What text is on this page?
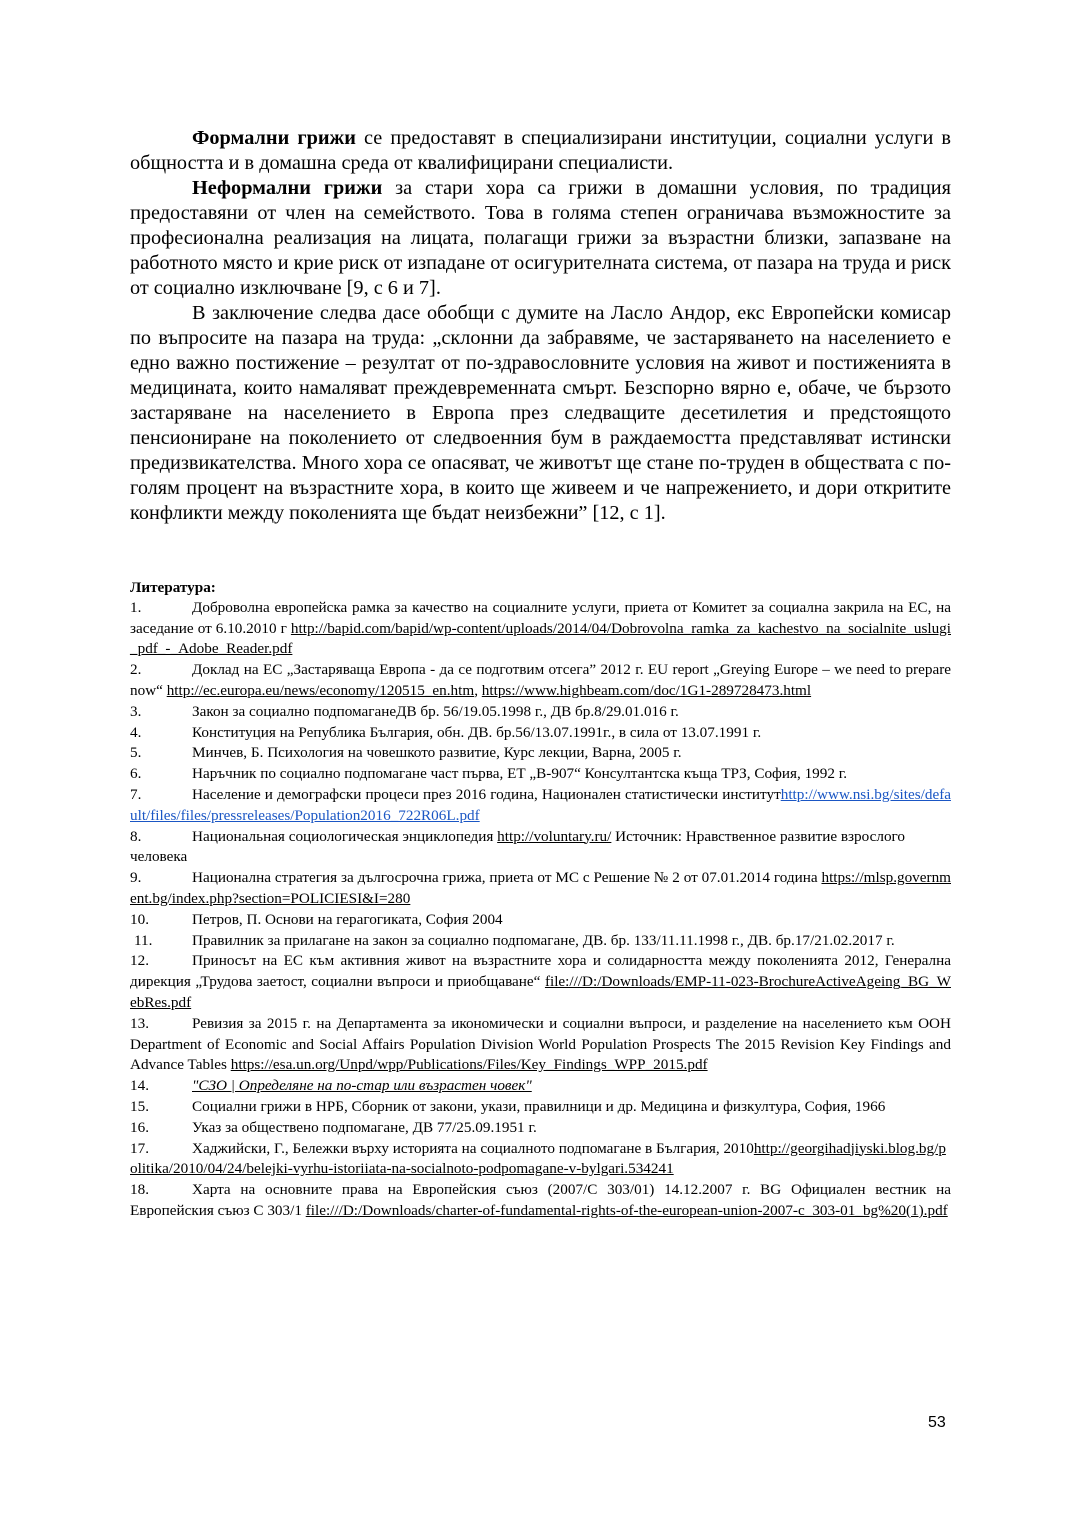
Формални грижи се предоставят в специализирани институции, социални услуги в общността и в домашна среда от квалифицирани специалисти.

Неформални грижи за стари хора са грижи в домашни условия, по традиция предоставяни от член на семейството. Това в голяма степен ограничава възможностите за професионална реализация на лицата, полагащи грижи за възрастни близки, запазване на работното място и крие риск от изпадане от осигурителната система, от пазара на труда и риск от социално изключване [9, с 6 и 7].

В заключение следва дасе обобщи с думите на Ласло Андор, екс Европейски комисар по въпросите на пазара на труда: „склонни да забравяме, че застаряването на населението е едно важно постижение – резултат от по-здравословните условия на живот и постиженията в медицината, които намаляват преждевременната смърт. Безспорно вярно е, обаче, че бързото застаряване на населението в Европа през следващите десетилетия и предстоящото пенсиониране на поколението от следвоенния бум в раждаемостта представляват истински предизвикателства. Много хора се опасяват, че животът ще стане по-труден в обществата с по-голям процент на възрастните хора, в които ще живеем и че напрежението, и дори откритите конфликти между поколенията ще бъдат неизбежни” [12, с 1].

Литература:
1.	Доброволна европейска рамка за качество на социалните услуги, приета от Комитет за социална закрила на ЕС, на заседание от 6.10.2010 г http://bapid.com/bapid/wp-content/uploads/2014/04/Dobrovolna_ramka_za_kachestvo_na_socialnite_uslugi_pdf_-_Adobe_Reader.pdf
2.	Доклад на ЕС „Застаряваща Европа - да се подготвим отсега” 2012 г. EU report „Greying Europe – we need to prepare now“ http://ec.europa.eu/news/economy/120515_en.htm, https://www.highbeam.com/doc/1G1-289728473.html
3.	Закон за социално подпомаганеДВ бр. 56/19.05.1998 г., ДВ бр.8/29.01.016 г.
4.	Конституция на Република България, обн. ДВ. бр.56/13.07.1991г., в сила от 13.07.1991 г.
5.	Минчев, Б. Психология на човешкото развитие, Курс лекции, Варна, 2005 г.
6.	Наръчник по социално подпомагане част първа, ЕТ „В-907“ Консултантска къща ТРЗ, София, 1992 г.
7.	Население и демографски процеси през 2016 година, Национален статистически институтhttp://www.nsi.bg/sites/default/files/files/pressreleases/Population2016_722R06L.pdf
8.	Национальная социологическая энциклопедия http://voluntary.ru/ Источник: Нравственное развитие взрослого человека
9.	Национална стратегия за дългосрочна грижа, приета от МС с Решение № 2 от 07.01.2014 година https://mlsp.government.bg/index.php?section=POLICIESI&I=280
10.	Петров, П. Основи на герагогиката, София 2004
11.	Правилник за прилагане на закон за социално подпомагане, ДВ. бр. 133/11.11.1998 г., ДВ. бр.17/21.02.2017 г.
12.	Приносът на ЕС към активния живот на възрастните хора и солидарността между поколенията 2012, Генерална дирекция „Трудова заетост, социални въпроси и приобщаване“ file:///D:/Downloads/EMP-11-023-BrochureActiveAgeing_BG_WebRes.pdf
13.	Ревизия за 2015 г. на Департамента за икономически и социални въпроси, и разделение на населението към ООН Department of Economic and Social Affairs Population Division World Population Prospects The 2015 Revision Key Findings and Advance Tables https://esa.un.org/Unpd/wpp/Publications/Files/Key_Findings_WPP_2015.pdf
14.	"СЗО | Определяне на по-стар или възрастен човек"
15.	Социални грижи в НРБ, Сборник от закони, укази, правилници и др. Медицина и физкултура, София, 1966
16.	Указ за обществено подпомагане, ДВ 77/25.09.1951 г.
17.	Хаджийски, Г., Бележки върху историята на социалното подпомагане в България, 2010http://georgihadjiyski.blog.bg/politika/2010/04/24/belejki-vyrhu-istoriiata-na-socialnoto-podpomagane-v-bylgari.534241
18.	Харта на основните права на Европейския съюз (2007/C 303/01) 14.12.2007 г. BG Официален вестник на Европейския съюз C 303/1 file:///D:/Downloads/charter-of-fundamental-rights-of-the-european-union-2007-c_303-01_bg%20(1).pdf
53
